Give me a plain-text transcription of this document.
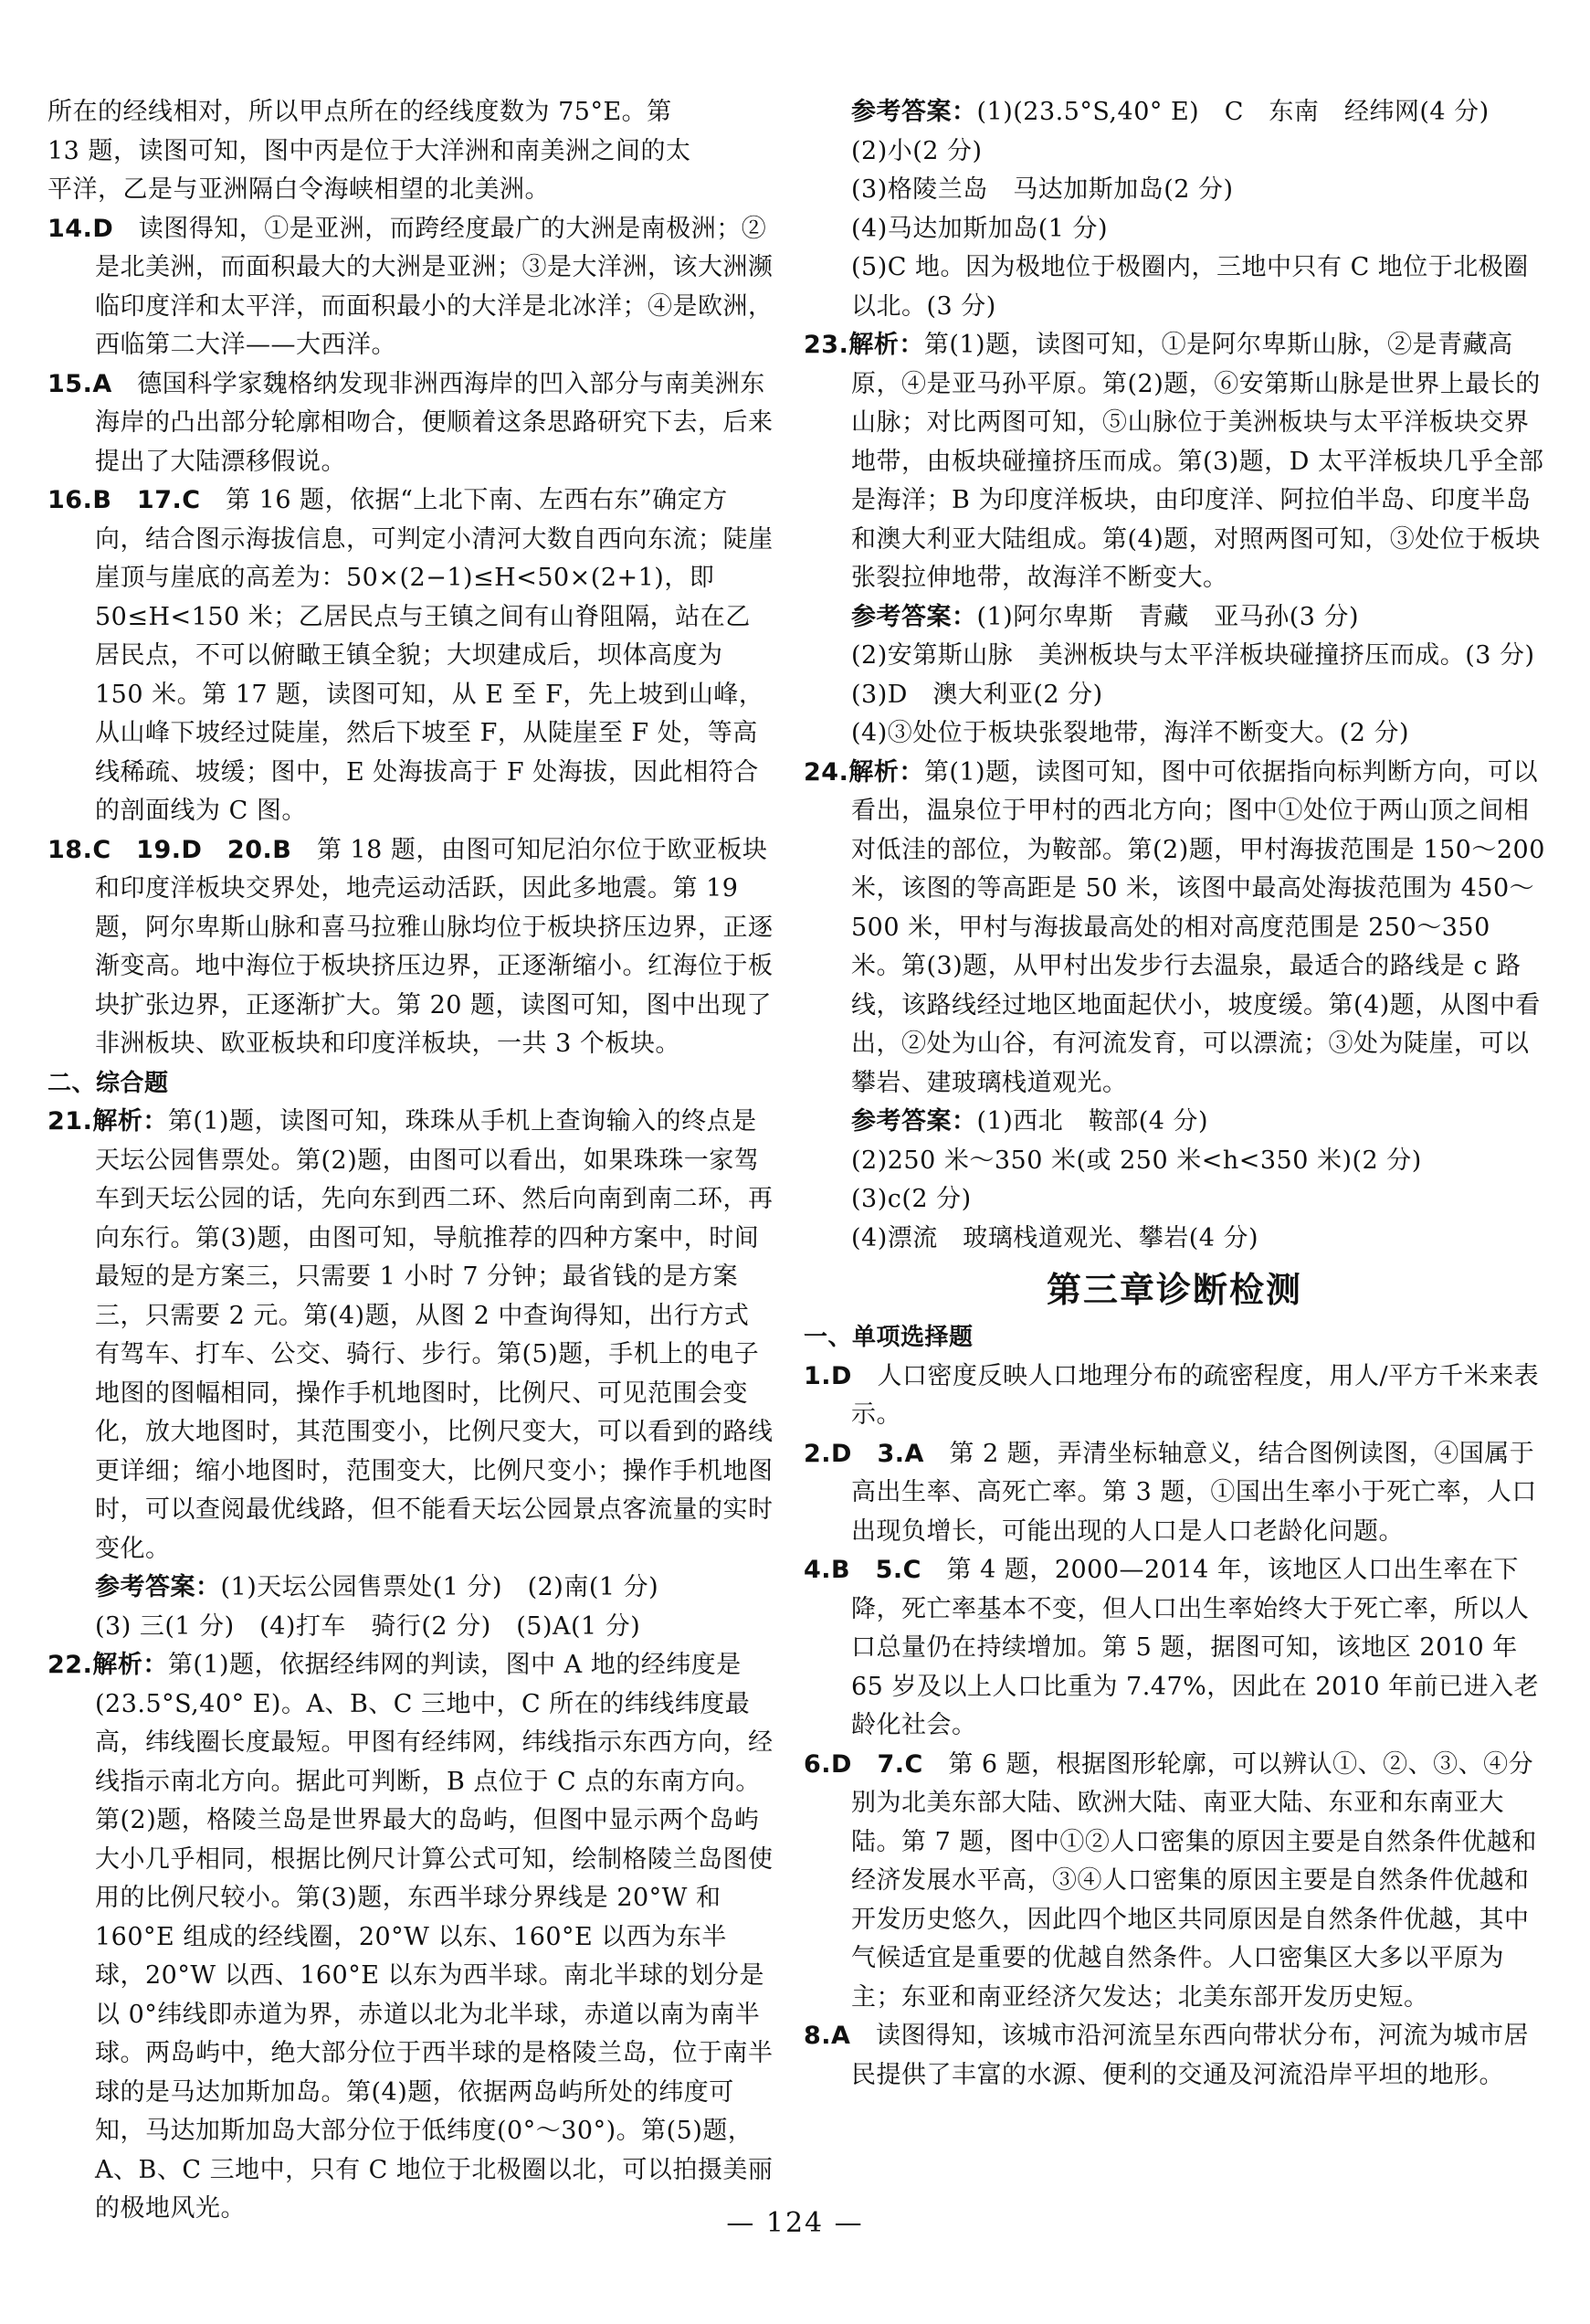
所在的经线相对，所以甲点所在的经线度数为 75°E。第

13 题，读图可知，图中丙是位于大洋洲和南美洲之间的太

平洋，乙是与亚洲隔白令海峡相望的北美洲。

14.D　 读图得知，①是亚洲，而跨经度最广的大洲是南极洲；②是北美洲，而面积最大的大洲是亚洲；③是大洋洲，该大洲濒临印度洋和太平洋，而面积最小的大洋是北冰洋；④是欧洲，西临第二大洋——大西洋。

15.A　 德国科学家魏格纳发现非洲西海岸的凹入部分与南美洲东海岸的凸出部分轮廓相吻合，便顺着这条思路研究下去，后来提出了大陆漂移假说。

16.B　 17.C　 第 16 题，依据“上北下南、左西右东”确定方向，结合图示海拔信息，可判定小清河大数自西向东流；陡崖崖顶与崖底的高差为：50×(2−1)≤H<50×(2+1)，即 50≤H<150 米；乙居民点与王镇之间有山脊阻隔，站在乙居民点，不可以俯瞰王镇全貌；大坝建成后，坝体高度为 150 米。第 17 题，读图可知，从 E 至 F，先上坡到山峰，从山峰下坡经过陡崖，然后下坡至 F，从陡崖至 F 处，等高线稀疏、坡缓；图中，E 处海拔高于 F 处海拔，因此相符合的剖面线为 C 图。

18.C　 19.D　 20.B　 第 18 题，由图可知尼泊尔位于欧亚板块和印度洋板块交界处，地壳运动活跃，因此多地震。第 19 题，阿尔卑斯山脉和喜马拉雅山脉均位于板块挤压边界，正逐渐变高。地中海位于板块挤压边界，正逐渐缩小。红海位于板块扩张边界，正逐渐扩大。第 20 题，读图可知，图中出现了非洲板块、欧亚板块和印度洋板块，一共 3 个板块。

二、综合题

21.解析：第(1)题，读图可知，珠珠从手机上查询输入的终点是天坛公园售票处。第(2)题，由图可以看出，如果珠珠一家驾车到天坛公园的话，先向东到西二环、然后向南到南二环，再向东行。第(3)题，由图可知，导航推荐的四种方案中，时间最短的是方案三，只需要 1 小时 7 分钟；最省钱的是方案三，只需要 2 元。第(4)题，从图 2 中查询得知，出行方式有驾车、打车、公交、骑行、步行。第(5)题，手机上的电子地图的图幅相同，操作手机地图时，比例尺、可见范围会变化，放大地图时，其范围变小，比例尺变大，可以看到的路线更详细；缩小地图时，范围变大，比例尺变小；操作手机地图时，可以查阅最优线路，但不能看天坛公园景点客流量的实时变化。

参考答案：(1)天坛公园售票处(1 分)　(2)南(1 分)

(3) 三(1 分)　(4)打车　骑行(2 分)　(5)A(1 分)

22.解析：第(1)题，依据经纬网的判读，图中 A 地的经纬度是(23.5°S,40° E)。A、B、C 三地中，C 所在的纬线纬度最高，纬线圈长度最短。甲图有经纬网，纬线指示东西方向，经线指示南北方向。据此可判断，B 点位于 C 点的东南方向。第(2)题，格陵兰岛是世界最大的岛屿，但图中显示两个岛屿大小几乎相同，根据比例尺计算公式可知，绘制格陵兰岛图使用的比例尺较小。第(3)题，东西半球分界线是 20°W 和 160°E 组成的经线圈，20°W 以东、160°E 以西为东半球，20°W 以西、160°E 以东为西半球。南北半球的划分是以 0°纬线即赤道为界，赤道以北为北半球，赤道以南为南半球。两岛屿中，绝大部分位于西半球的是格陵兰岛，位于南半球的是马达加斯加岛。第(4)题，依据两岛屿所处的纬度可知，马达加斯加岛大部分位于低纬度(0°～30°)。第(5)题，A、B、C 三地中，只有 C 地位于北极圈以北，可以拍摄美丽的极地风光。

参考答案：(1)(23.5°S,40° E)　C　东南　经纬网(4 分)

(2)小(2 分)

(3)格陵兰岛　马达加斯加岛(2 分)

(4)马达加斯加岛(1 分)

(5)C 地。因为极地位于极圈内，三地中只有 C 地位于北极圈以北。(3 分)

23.解析：第(1)题，读图可知，①是阿尔卑斯山脉，②是青藏高原，④是亚马孙平原。第(2)题，⑥安第斯山脉是世界上最长的山脉；对比两图可知，⑤山脉位于美洲板块与太平洋板块交界地带，由板块碰撞挤压而成。第(3)题，D 太平洋板块几乎全部是海洋；B 为印度洋板块，由印度洋、阿拉伯半岛、印度半岛和澳大利亚大陆组成。第(4)题，对照两图可知，③处位于板块张裂拉伸地带，故海洋不断变大。

参考答案：(1)阿尔卑斯　青藏　亚马孙(3 分)

(2)安第斯山脉　美洲板块与太平洋板块碰撞挤压而成。(3 分)

(3)D　澳大利亚(2 分)

(4)③处位于板块张裂地带，海洋不断变大。(2 分)

24.解析：第(1)题，读图可知，图中可依据指向标判断方向，可以看出，温泉位于甲村的西北方向；图中①处位于两山顶之间相对低洼的部位，为鞍部。第(2)题，甲村海拔范围是 150～200 米，该图的等高距是 50 米，该图中最高处海拔范围为 450～500 米，甲村与海拔最高处的相对高度范围是 250～350 米。第(3)题，从甲村出发步行去温泉，最适合的路线是 c 路线，该路线经过地区地面起伏小，坡度缓。第(4)题，从图中看出，②处为山谷，有河流发育，可以漂流；③处为陡崖，可以攀岩、建玻璃栈道观光。

参考答案：(1)西北　鞍部(4 分)

(2)250 米～350 米(或 250 米<h<350 米)(2 分)

(3)c(2 分)

(4)漂流　玻璃栈道观光、攀岩(4 分)

第三章诊断检测

一、单项选择题

1.D　 人口密度反映人口地理分布的疏密程度，用人/平方千米来表示。

2.D　 3.A　 第 2 题，弄清坐标轴意义，结合图例读图，④国属于高出生率、高死亡率。第 3 题，①国出生率小于死亡率，人口出现负增长，可能出现的人口是人口老龄化问题。

4.B　 5.C　 第 4 题，2000—2014 年，该地区人口出生率在下降，死亡率基本不变，但人口出生率始终大于死亡率，所以人口总量仍在持续增加。第 5 题，据图可知，该地区 2010 年 65 岁及以上人口比重为 7.47%，因此在 2010 年前已进入老龄化社会。

6.D　 7.C　 第 6 题，根据图形轮廓，可以辨认①、②、③、④分别为北美东部大陆、欧洲大陆、南亚大陆、东亚和东南亚大陆。第 7 题，图中①②人口密集的原因主要是自然条件优越和经济发展水平高，③④人口密集的原因主要是自然条件优越和开发历史悠久，因此四个地区共同原因是自然条件优越，其中气候适宜是重要的优越自然条件。人口密集区大多以平原为主；东亚和南亚经济欠发达；北美东部开发历史短。

8.A　 读图得知，该城市沿河流呈东西向带状分布，河流为城市居民提供了丰富的水源、便利的交通及河流沿岸平坦的地形。

— 124 —
